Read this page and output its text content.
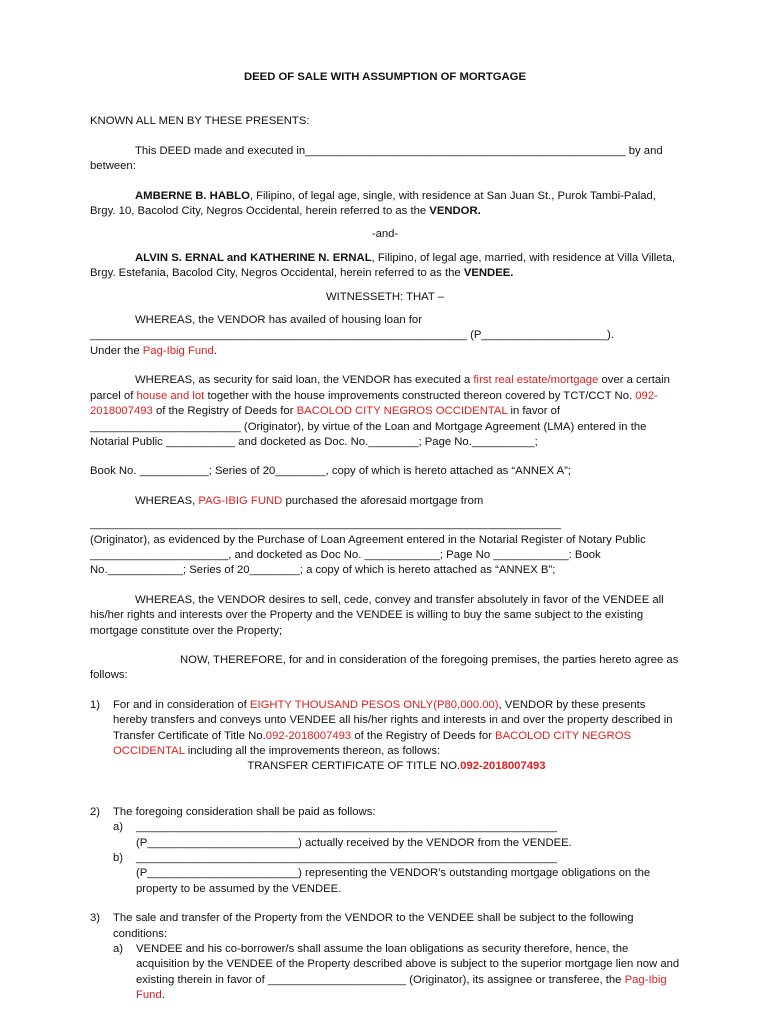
DEED OF SALE WITH ASSUMPTION OF MORTGAGE

KNOWN ALL MEN BY THESE PRESENTS:

This DEED made and executed in___________________________________________________ by and between:

AMBERNE B. HABLO, Filipino, of legal age, single, with residence at San Juan St., Purok Tambi-Palad, Brgy. 10, Bacolod City, Negros Occidental, herein referred to as the VENDOR.

-and-

ALVIN S. ERNAL and KATHERINE N. ERNAL, Filipino, of legal age, married, with residence at Villa Villeta, Brgy. Estefania, Bacolod City, Negros Occidental, herein referred to as the VENDEE.

WITNESSETH: THAT –

WHEREAS, the VENDOR has availed of housing loan for

____________________________________________________________ (P____________________).

Under the Pag-Ibig Fund.

WHEREAS, as security for said loan, the VENDOR has executed a first real estate/mortgage over a certain parcel of house and lot together with the house improvements constructed thereon covered by TCT/CCT No. 092-2018007493 of the Registry of Deeds for BACOLOD CITY NEGROS OCCIDENTAL in favor of ________________________ (Originator), by virtue of the Loan and Mortgage Agreement (LMA) entered in the Notarial Public ___________ and docketed as Doc. No.________; Page No.__________;

Book No. ___________; Series of 20________, copy of which is hereto attached as “ANNEX A”;

WHEREAS, PAG-IBIG FUND purchased the aforesaid mortgage from

___________________________________________________________________________

(Originator), as evidenced by the Purchase of Loan Agreement entered in the Notarial Register of Notary Public ______________________, and docketed as Doc No. ____________; Page No ____________: Book No.____________; Series of 20________; a copy of which is hereto attached as “ANNEX B”;

WHEREAS, the VENDOR desires to sell, cede, convey and transfer absolutely in favor of the VENDEE all his/her rights and interests over the Property and the VENDEE is willing to buy the same subject to the existing mortgage constitute over the Property;

NOW, THEREFORE, for and in consideration of the foregoing premises, the parties hereto agree as follows:

1) For and in consideration of EIGHTY THOUSAND PESOS ONLY(P80,000.00), VENDOR by these presents hereby transfers and conveys unto VENDEE all his/her rights and interests in and over the property described in Transfer Certificate of Title No.092-2018007493 of the Registry of Deeds for BACOLOD CITY NEGROS OCCIDENTAL including all the improvements thereon, as follows:

TRANSFER CERTIFICATE OF TITLE NO.092-2018007493

2) The foregoing consideration shall be paid as follows:

a) ___________________________________________________________________

(P________________________) actually received by the VENDOR from the VENDEE.

b) ___________________________________________________________________

(P________________________) representing the VENDOR’s outstanding mortgage obligations on the property to be assumed by the VENDEE.

3) The sale and transfer of the Property from the VENDOR to the VENDEE shall be subject to the following conditions:

a) VENDEE and his co-borrower/s shall assume the loan obligations as security therefore, hence, the acquisition by the VENDEE of the Property described above is subject to the superior mortgage lien now and existing therein in favor of ______________________ (Originator), its assignee or transferee, the Pag-Ibig Fund.
